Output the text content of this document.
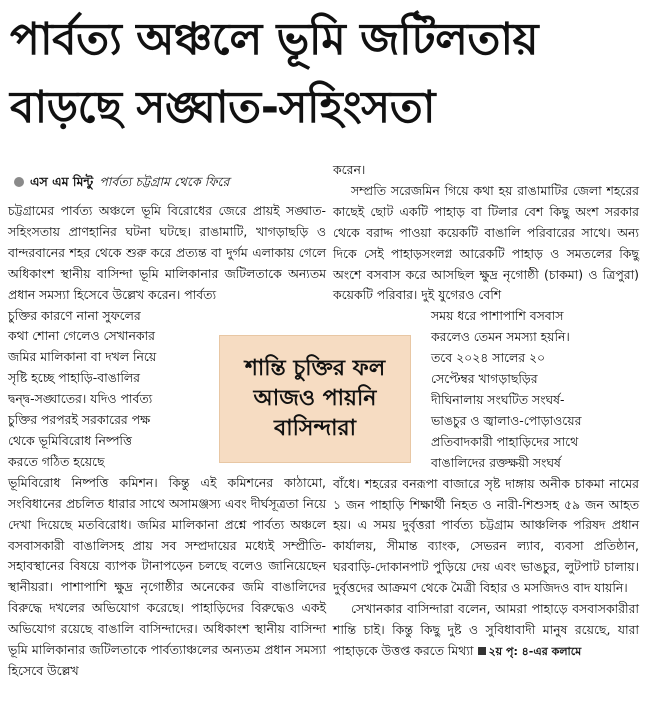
পার্বত্য অঞ্চলে ভূমি জটিলতায়
বাড়ছে সঙ্ঘাত-সহিংসতা
এস এম মিন্টু পার্বত্য চট্টগ্রাম থেকে ফিরে

চট্টগ্রামের পার্বত্য অঞ্চলে ভূমি বিরোধের জেরে প্রায়ই সঙ্ঘাত-সহিংসতায় প্রাণহানির ঘটনা ঘটছে। রাঙামাটি, খাগড়াছড়ি ও বান্দরবানের শহর থেকে শুরু করে প্রত্যন্ত বা দুর্গম এলাকায় গেলে অধিকাংশ স্থানীয় বাসিন্দা ভূমি মালিকানার জটিলতাকে অন্যতম প্রধান সমস্যা হিসেবে উল্লেখ করেন। পার্বত্য

চুক্তির কারণে নানা সুফলের
কথা শোনা গেলেও সেখানকার
জমির মালিকানা বা দখল নিয়ে
সৃষ্টি হচ্ছে পাহাড়ি-বাঙালির
দ্বন্দ্ব-সঙ্ঘাতের। যদিও পার্বত্য
চুক্তির পরপরই সরকারের পক্ষ
থেকে ভূমিবিরোধ নিষ্পত্তি
করতে গঠিত হয়েছে

ভূমিবিরোধ নিষ্পত্তি কমিশন। কিন্তু এই কমিশনের কাঠামো, সংবিধানের প্রচলিত ধারার সাথে অসামঞ্জস্য এবং দীর্ঘসূত্রতা নিয়ে দেখা দিয়েছে মতবিরোধ। জমির মালিকানা প্রশ্নে পার্বত্য অঞ্চলে বসবাসকারী বাঙালিসহ প্রায় সব সম্প্রদায়ের মধ্যেই সম্প্রীতি-সহাবস্থানের বিষয়ে ব্যাপক টানাপড়েন চলছে বলেও জানিয়েছেন স্থানীয়রা। পাশাপাশি ক্ষুদ্র নৃগোষ্ঠীর অনেকের জমি বাঙালিদের বিরুদ্ধে দখলের অভিযোগ করেছে। পাহাড়িদের বিরুদ্ধেও একই অভিযোগ রয়েছে বাঙালি বাসিন্দাদের। অধিকাংশ স্থানীয় বাসিন্দা ভূমি মালিকানার জটিলতাকে পার্বত্যাঞ্চলের অন্যতম প্রধান সমস্যা হিসেবে উল্লেখ

শান্তি চুক্তির ফল
আজও পায়নি
বাসিন্দারা

করেন।

সম্প্রতি সরেজমিন গিয়ে কথা হয় রাঙামাটির জেলা শহরের কাছেই ছোট একটি পাহাড় বা টিলার বেশ কিছু অংশ সরকার থেকে বরাদ্দ পাওয়া কয়েকটি বাঙালি পরিবারের সাথে। অন্য দিকে সেই পাহাড়সংলগ্ন আরেকটি পাহাড় ও সমতলের কিছু অংশে বসবাস করে আসছিল ক্ষুদ্র নৃগোষ্ঠী (চাকমা) ও ত্রিপুরা) কয়েকটি পরিবার। দুই যুগেরও বেশি

সময় ধরে পাশাপাশি বসবাস
করলেও তেমন সমস্যা হয়নি।
তবে ২০২৪ সালের ২০
সেপ্টেম্বর খাগড়াছড়ির
দীঘিনালায় সংঘটিত সংঘর্ষ-
ভাঙচুর ও জ্বালাও-পোড়াওয়ের
প্রতিবাদকারী পাহাড়িদের সাথে
বাঙালিদের রক্তক্ষয়ী সংঘর্ষ

বাঁধে। শহরের বনরূপা বাজারে সৃষ্ট দাঙ্গায় অনীক চাকমা নামের ১ জন পাহাড়ি শিক্ষার্থী নিহত ও নারী-শিশুসহ ৫৯ জন আহত হয়। এ সময় দুর্বৃত্তরা পার্বত্য চট্টগ্রাম আঞ্চলিক পরিষদ প্রধান কার্যালয়, সীমান্ত ব্যাংক, সেভরন ল্যাব, ব্যবসা প্রতিষ্ঠান, ঘরবাড়ি-দোকানপাট পুড়িয়ে দেয় এবং ভাঙচুর, লুটপাট চালায়। দুর্বৃত্তদের আক্রমণ থেকে মৈত্রী বিহার ও মসজিদও বাদ যায়নি।

সেখানকার বাসিন্দারা বলেন, আমরা পাহাড়ে বসবাসকারীরা শান্তি চাই। কিন্তু কিছু দুষ্ট ও সুবিধাবাদী মানুষ রয়েছে, যারা পাহাড়কে উত্তপ্ত করতে মিথ্যা ২য় পৃ: ৪-এর কলামে
